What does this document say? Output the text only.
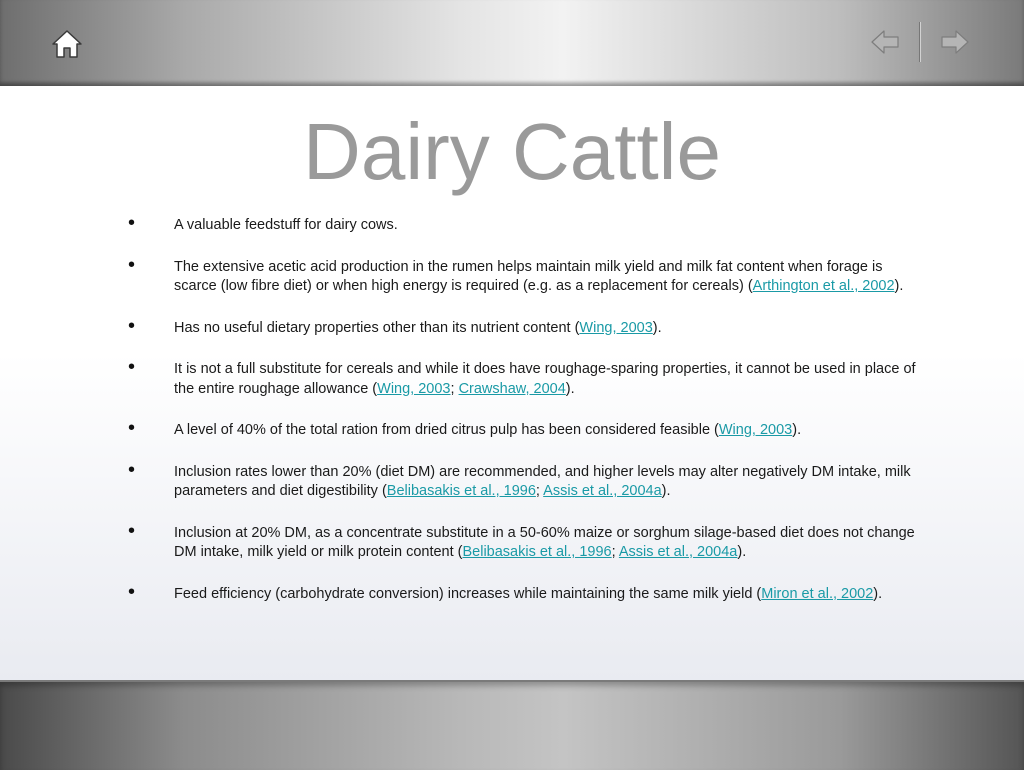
Dairy Cattle
•	A valuable feedstuff for dairy cows.
•	The extensive acetic acid production in the rumen helps maintain milk yield and milk fat content when forage is scarce (low fibre diet) or when high energy is required (e.g. as a replacement for cereals) (Arthington et al., 2002).
•	Has no useful dietary properties other than its nutrient content (Wing, 2003).
•	It is not a full substitute for cereals and while it does have roughage-sparing properties, it cannot be used in place of the entire roughage allowance (Wing, 2003; Crawshaw, 2004).
•	A level of 40% of the total ration from dried citrus pulp has been considered feasible (Wing, 2003).
•	Inclusion rates lower than 20% (diet DM) are recommended, and higher levels may alter negatively DM intake, milk parameters and diet digestibility (Belibasakis et al., 1996; Assis et al., 2004a).
•	Inclusion at 20% DM, as a concentrate substitute in a 50-60% maize or sorghum silage-based diet does not change DM intake, milk yield or milk protein content (Belibasakis et al., 1996; Assis et al., 2004a).
•	Feed efficiency (carbohydrate conversion) increases while maintaining the same milk yield (Miron et al., 2002).
